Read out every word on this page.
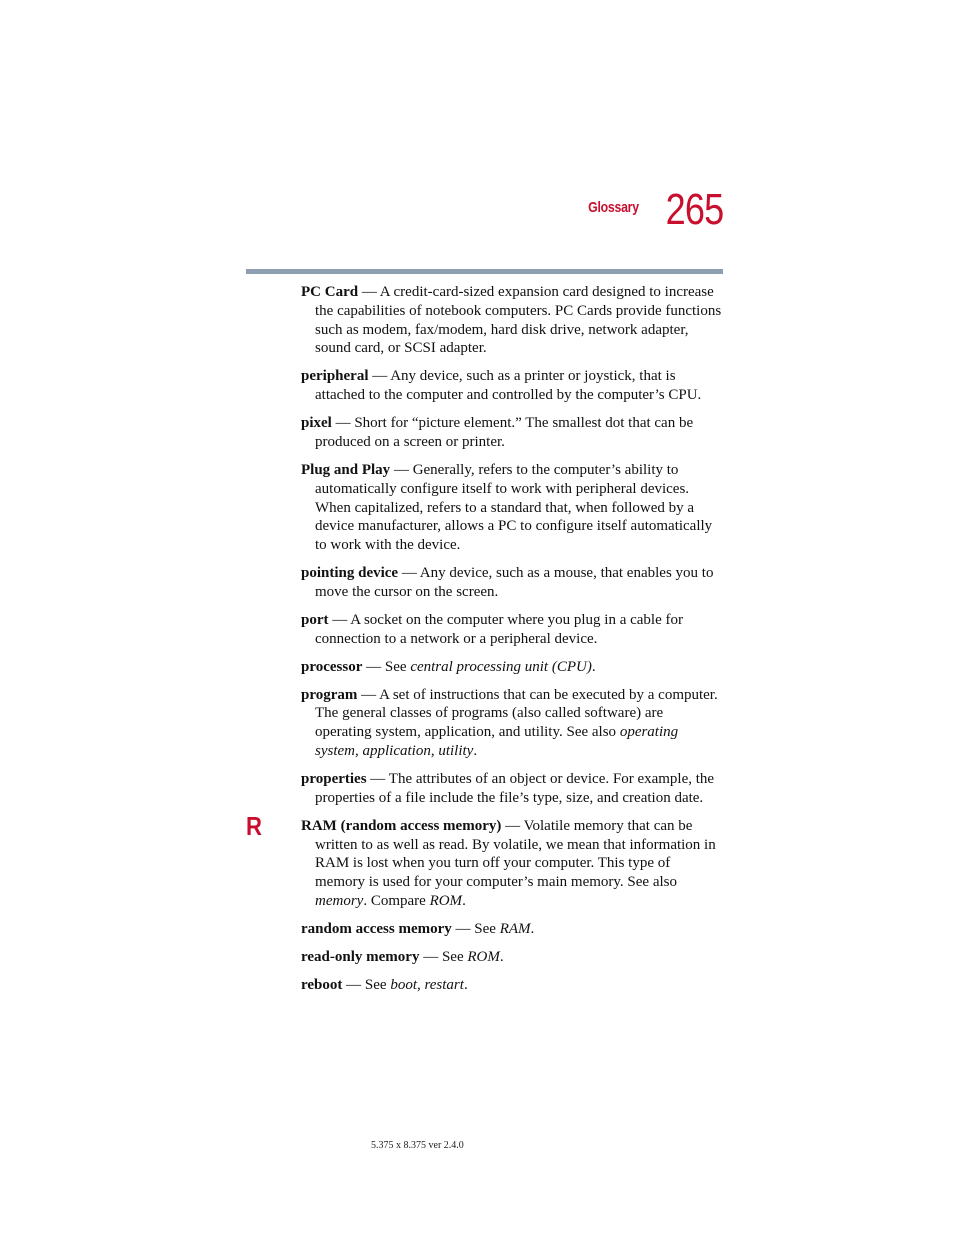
Glossary 265

PC Card — A credit-card-sized expansion card designed to increase the capabilities of notebook computers. PC Cards provide functions such as modem, fax/modem, hard disk drive, network adapter, sound card, or SCSI adapter.

peripheral — Any device, such as a printer or joystick, that is attached to the computer and controlled by the computer’s CPU.

pixel — Short for “picture element.” The smallest dot that can be produced on a screen or printer.

Plug and Play — Generally, refers to the computer’s ability to automatically configure itself to work with peripheral devices. When capitalized, refers to a standard that, when followed by a device manufacturer, allows a PC to configure itself automatically to work with the device.

pointing device — Any device, such as a mouse, that enables you to move the cursor on the screen.

port — A socket on the computer where you plug in a cable for connection to a network or a peripheral device.

processor — See central processing unit (CPU).

program — A set of instructions that can be executed by a computer. The general classes of programs (also called software) are operating system, application, and utility. See also operating system, application, utility.

properties — The attributes of an object or device. For example, the properties of a file include the file’s type, size, and creation date.

R	RAM (random access memory) — Volatile memory that can be written to as well as read. By volatile, we mean that information in RAM is lost when you turn off your computer. This type of memory is used for your computer’s main memory. See also memory. Compare ROM.

random access memory — See RAM.

read-only memory — See ROM.

reboot — See boot, restart.

5.375 x 8.375 ver 2.4.0
